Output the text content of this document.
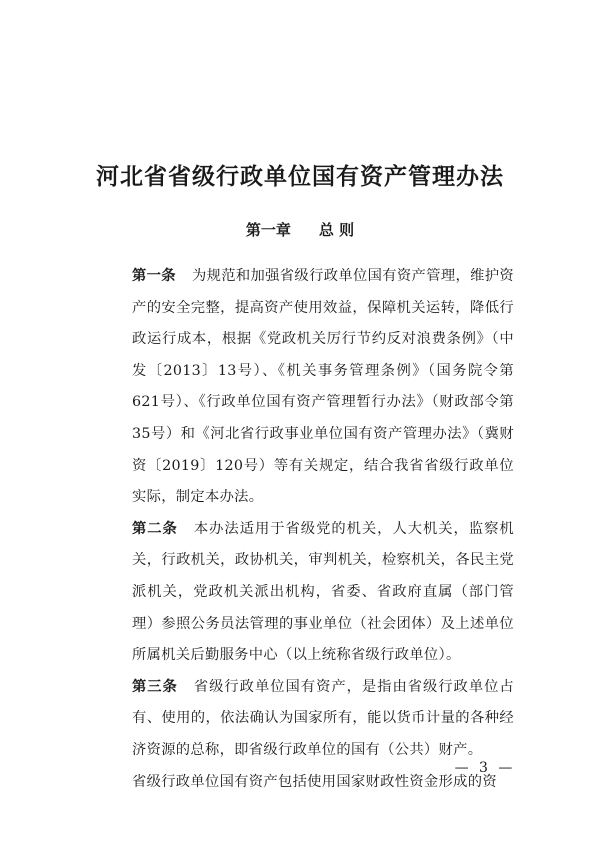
河北省省级行政单位国有资产管理办法
第一章 总 则

第一条 为规范和加强省级行政单位国有资产管理，维护资产的安全完整，提高资产使用效益，保障机关运转，降低行政运行成本，根据《党政机关厉行节约反对浪费条例》（中发〔2013〕13号）、《机关事务管理条例》（国务院令第621号）、《行政单位国有资产管理暂行办法》（财政部令第35号）和《河北省行政事业单位国有资产管理办法》（冀财资〔2019〕120号）等有关规定，结合我省省级行政单位实际，制定本办法。

第二条 本办法适用于省级党的机关，人大机关，监察机关，行政机关，政协机关，审判机关，检察机关，各民主党派机关，党政机关派出机构，省委、省政府直属（部门管理）参照公务员法管理的事业单位（社会团体）及上述单位所属机关后勤服务中心（以上统称省级行政单位）。

第三条 省级行政单位国有资产，是指由省级行政单位占有、使用的，依法确认为国家所有，能以货币计量的各种经济资源的总称，即省级行政单位的国有（公共）财产。

省级行政单位国有资产包括使用国家财政性资金形成的资

— 3 —
